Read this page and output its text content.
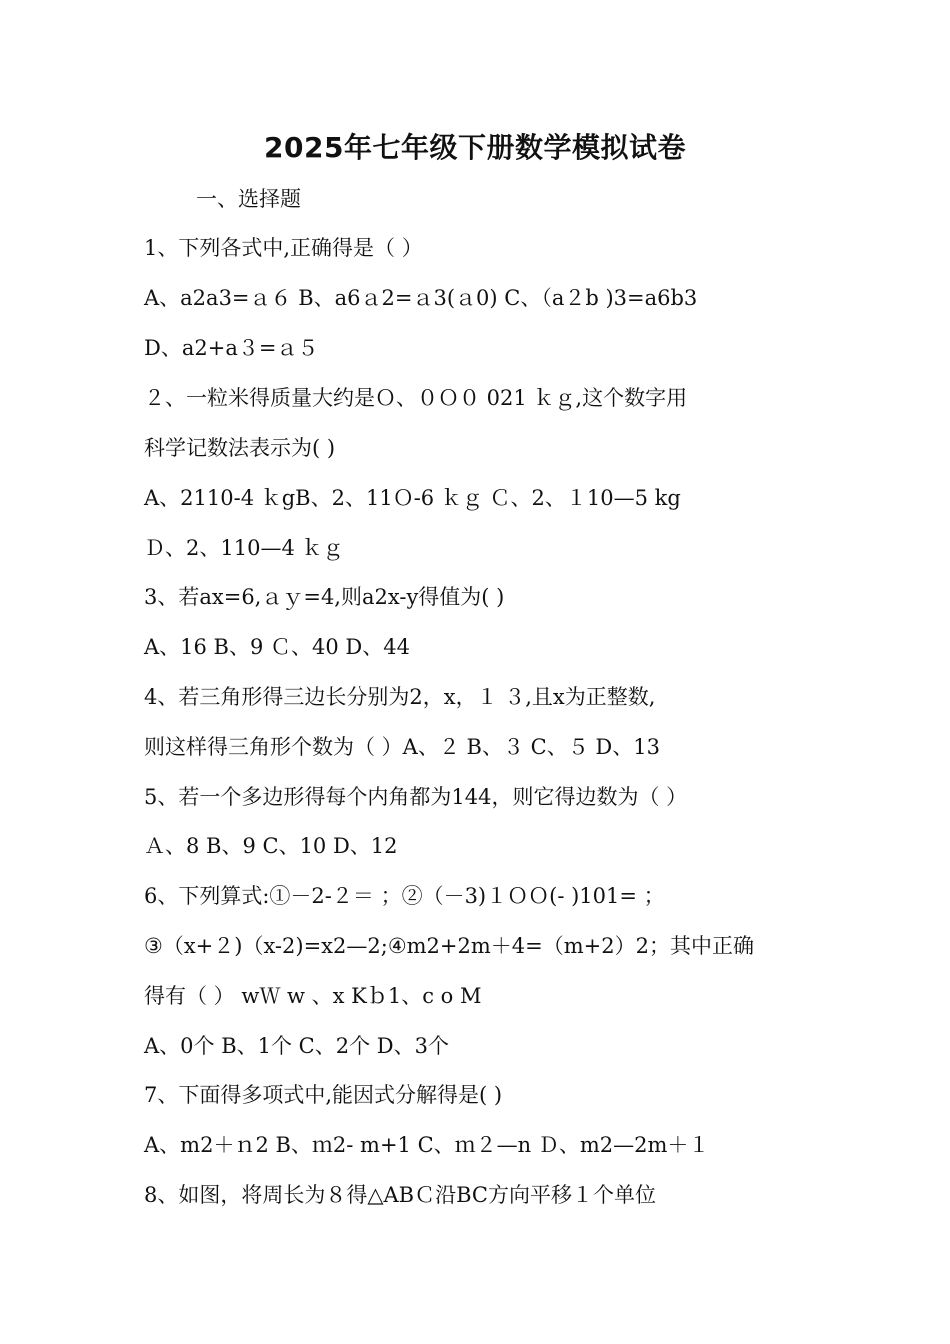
2025年七年级下册数学模拟试卷
一、选择题
1、下列各式中,正确得是（ ）
A、a2a3=ａ６ B、a6ａ2=ａ3(ａ0) C、（a２b )3=a6b3
D、a2+a３=ａ５
２、一粒米得质量大约是Ｏ、０Ｏ０ 021 ｋｇ,这个数字用
科学记数法表示为( )
A、2110-4 ｋgB、2、11Ｏ-6 ｋｇ Ｃ、2、１10—5 kg
Ｄ、2、110—4 ｋｇ
3、若ax=6,ａｙ=4,则a2x-y得值为( )
A、16 B、9 Ｃ、40 D、44
4、若三角形得三边长分别为2，x，１ ３,且x为正整数,
则这样得三角形个数为（ ）A、２ B、３ C、５ D、13
5、若一个多边形得每个内角都为144，则它得边数为（ ）
Ａ、8 B、9 C、10 D、12
6、下列算式:①－2-２＝ ；②（－3)１ＯＯ(- )101= ；
③（x+２)（x-2)=x2—2;④m2+2m＋4=（m+2）2；其中正确
得有（ ） wＷ w 、x Kｂ1、c o M
A、0个 B、1个 C、2个 D、3个
7、下面得多项式中,能因式分解得是( )
A、m2＋ｎ2 B、ｍ2- m+1 C、ｍ２—n Ｄ、m2—2m＋１
8、如图，将周长为８得△ABＣ沿BC方向平移１个单位
